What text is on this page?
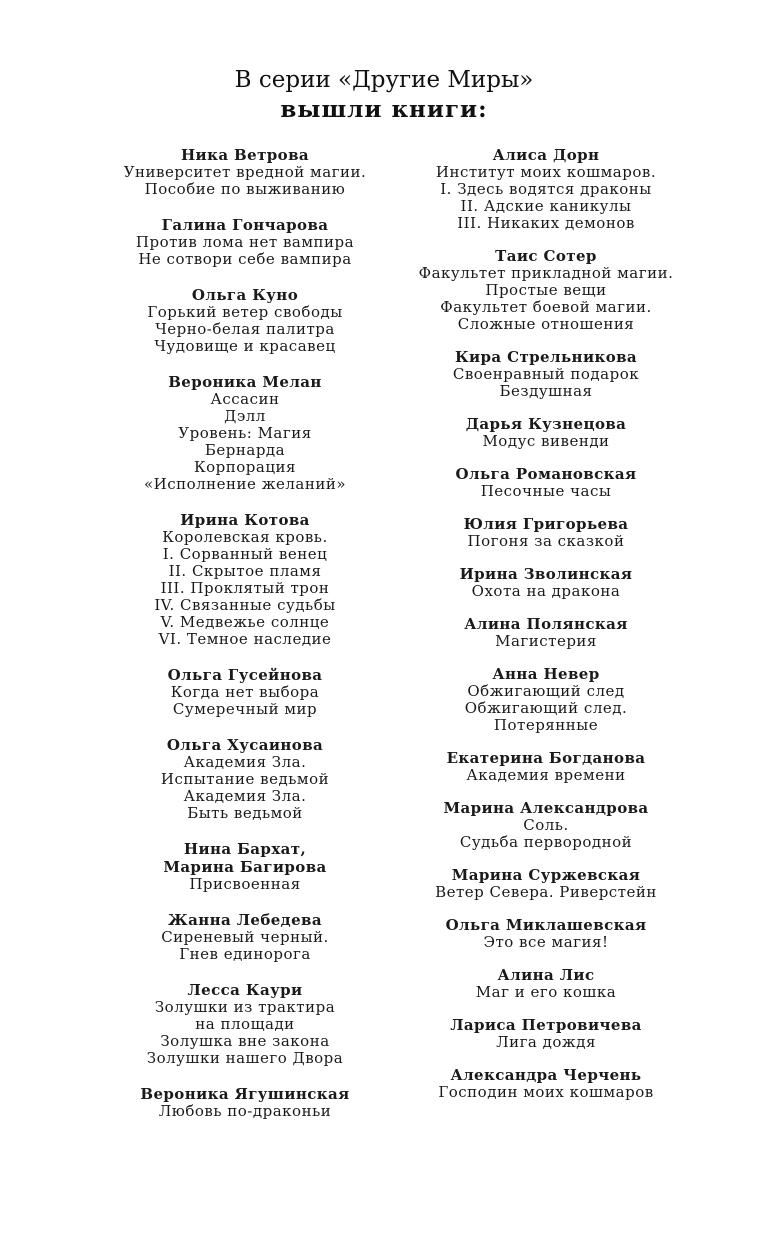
В серии «Другие Миры»
вышли книги:
Ника Ветрова
Университет вредной магии.
Пособие по выживанию
Галина Гончарова
Против лома нет вампира
Не сотвори себе вампира
Ольга Куно
Горький ветер свободы
Черно-белая палитра
Чудовище и красавец
Вероника Мелан
Ассасин
Дэлл
Уровень: Магия
Бернарда
Корпорация
«Исполнение желаний»
Ирина Котова
Королевская кровь.
I. Сорванный венец
II. Скрытое пламя
III. Проклятый трон
IV. Связанные судьбы
V. Медвежье солнце
VI. Темное наследие
Ольга Гусейнова
Когда нет выбора
Сумеречный мир
Ольга Хусаинова
Академия Зла.
Испытание ведьмой
Академия Зла.
Быть ведьмой
Нина Бархат,
Марина Багирова
Присвоенная
Жанна Лебедева
Сиреневый черный.
Гнев единорога
Лесса Каури
Золушки из трактира
на площади
Золушка вне закона
Золушки нашего Двора
Вероника Ягушинская
Любовь по-драконьи
Алиса Дорн
Институт моих кошмаров.
I. Здесь водятся драконы
II. Адские каникулы
III. Никаких демонов
Таис Сотер
Факультет прикладной магии.
Простые вещи
Факультет боевой магии.
Сложные отношения
Кира Стрельникова
Своенравный подарок
Бездушная
Дарья Кузнецова
Модус вивенди
Ольга Романовская
Песочные часы
Юлия Григорьева
Погоня за сказкой
Ирина Зволинская
Охота на дракона
Алина Полянская
Магистерия
Анна Невер
Обжигающий след
Обжигающий след.
Потерянные
Екатерина Богданова
Академия времени
Марина Александрова
Соль.
Судьба первородной
Марина Суржевская
Ветер Севера. Риверстейн
Ольга Миклашевская
Это все магия!
Алина Лис
Маг и его кошка
Лариса Петровичева
Лига дождя
Александра Черчень
Господин моих кошмаров
